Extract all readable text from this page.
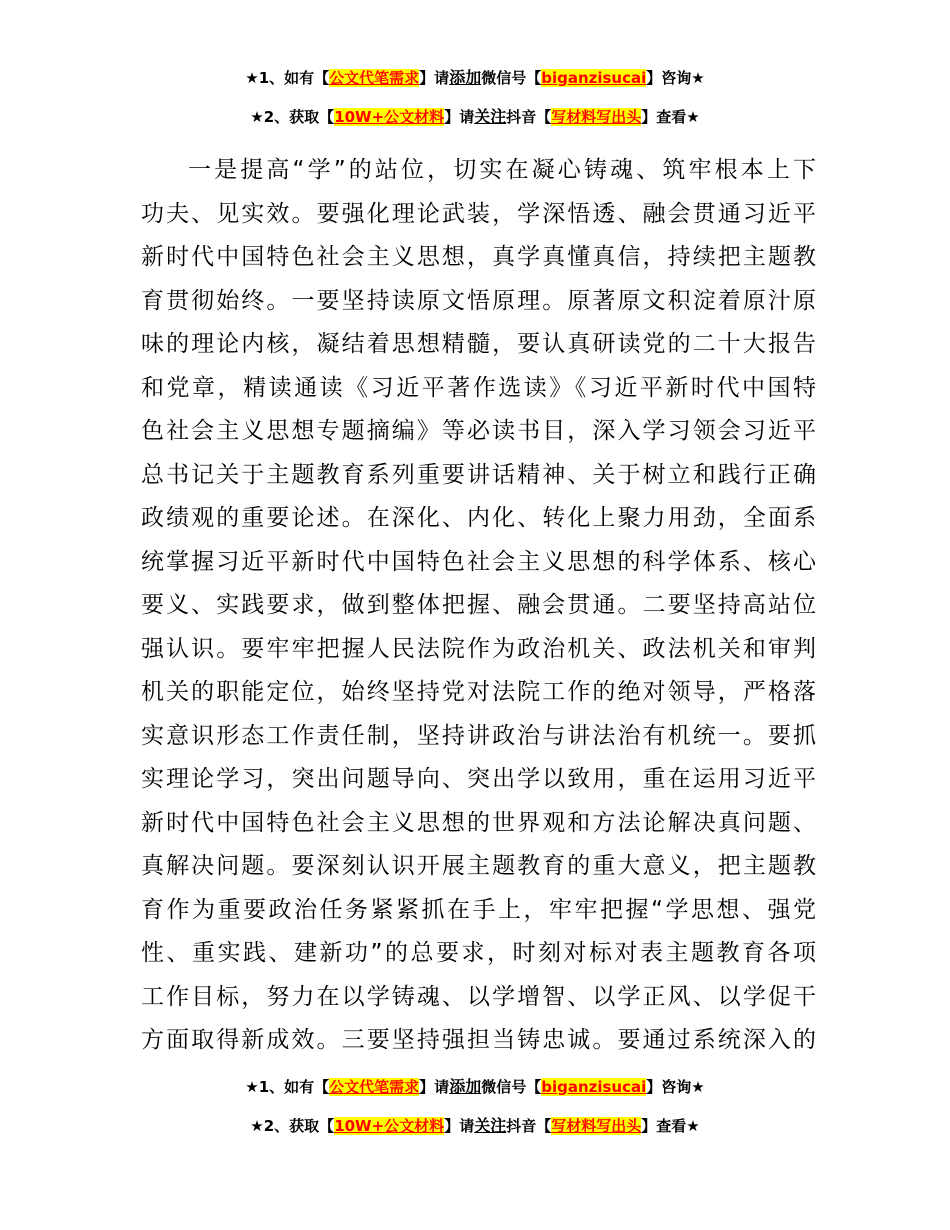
★1、如有【公文代笔需求】请添加微信号【biganzisucai】咨询★
★2、获取【10W+公文材料】请关注抖音【写材料写出头】查看★
一是提高“学”的站位，切实在凝心铸魂、筑牢根本上下
功夫、见实效。要强化理论武装，学深悟透、融会贯通习近平
新时代中国特色社会主义思想，真学真懂真信，持续把主题教
育贯彻始终。一要坚持读原文悟原理。原著原文积淀着原汁原
味的理论内核，凝结着思想精髓，要认真研读党的二十大报告
和党章，精读通读《习近平著作选读》《习近平新时代中国特
色社会主义思想专题摘编》等必读书目，深入学习领会习近平
总书记关于主题教育系列重要讲话精神、关于树立和践行正确
政绩观的重要论述。在深化、内化、转化上聚力用劲，全面系
统掌握习近平新时代中国特色社会主义思想的科学体系、核心
要义、实践要求，做到整体把握、融会贯通。二要坚持高站位
强认识。要牢牢把握人民法院作为政治机关、政法机关和审判
机关的职能定位，始终坚持党对法院工作的绝对领导，严格落
实意识形态工作责任制，坚持讲政治与讲法治有机统一。要抓
实理论学习，突出问题导向、突出学以致用，重在运用习近平
新时代中国特色社会主义思想的世界观和方法论解决真问题、
真解决问题。要深刻认识开展主题教育的重大意义，把主题教
育作为重要政治任务紧紧抓在手上，牢牢把握“学思想、强党
性、重实践、建新功”的总要求，时刻对标对表主题教育各项
工作目标，努力在以学铸魂、以学增智、以学正风、以学促干
方面取得新成效。三要坚持强担当铸忠诚。要通过系统深入的
★1、如有【公文代笔需求】请添加微信号【biganzisucai】咨询★
★2、获取【10W+公文材料】请关注抖音【写材料写出头】查看★
